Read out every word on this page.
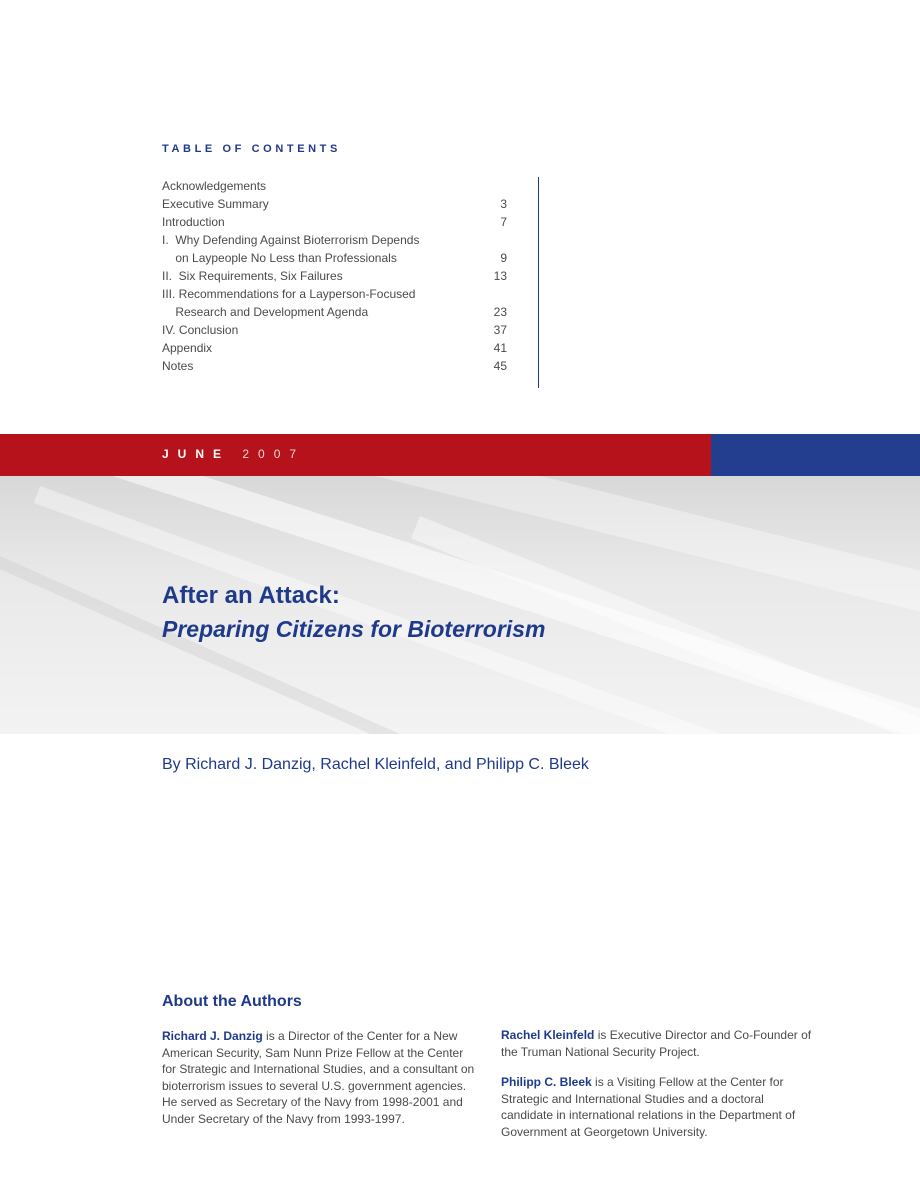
TABLE OF CONTENTS
Acknowledgements
Executive Summary	3
Introduction	7
I.  Why Defending Against Bioterrorism Depends
on Laypeople No Less than Professionals	9
II.  Six Requirements, Six Failures	13
III. Recommendations for a Layperson-Focused
Research and Development Agenda	23
IV. Conclusion	37
Appendix	41
Notes	45
JUNE 2007
After an Attack:
Preparing Citizens for Bioterrorism
By Richard J. Danzig, Rachel Kleinfeld, and Philipp C. Bleek
About the Authors
Richard J. Danzig is a Director of the Center for a New American Security, Sam Nunn Prize Fellow at the Center for Strategic and International Studies, and a consultant on bioterrorism issues to several U.S. government agencies. He served as Secretary of the Navy from 1998-2001 and Under Secretary of the Navy from 1993-1997.
Rachel Kleinfeld is Executive Director and Co-Founder of the Truman National Security Project.
Philipp C. Bleek is a Visiting Fellow at the Center for Strategic and International Studies and a doctoral candidate in international relations in the Department of Government at Georgetown University.
